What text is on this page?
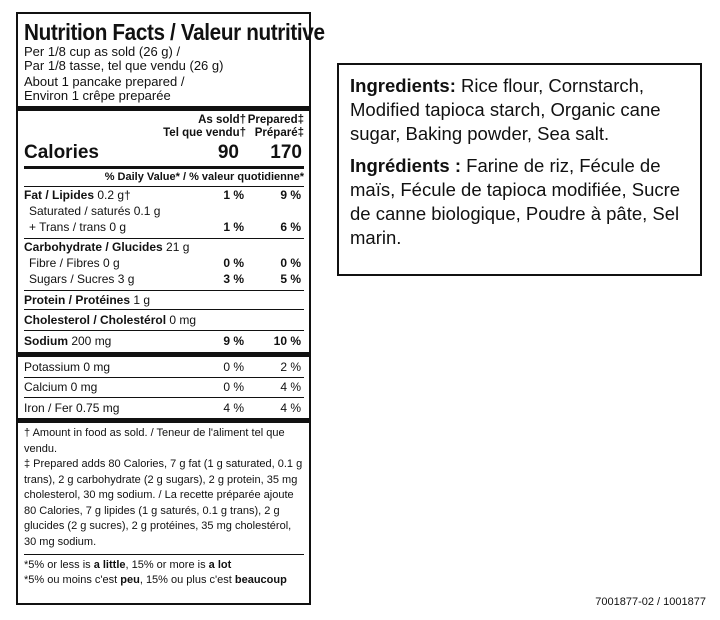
Nutrition Facts / Valeur nutritive
Per 1/8 cup as sold (26 g) /
Par 1/8 tasse, tel que vendu (26 g)
About 1 pancake prepared /
Environ 1 crêpe preparée
As sold†
Tel que vendu†
Prepared‡
Préparé‡
Calories	90 170
% Daily Value* / % valeur quotidienne*
Fat / Lipides 0.2 g†	1 %	9 %
Saturated / saturés 0.1 g
+ Trans / trans 0 g	1 %	6 %
Carbohydrate / Glucides 21 g
Fibre / Fibres 0 g	0 %	0 %
Sugars / Sucres 3 g	3 %	5 %
Protein / Protéines 1 g
Cholesterol / Cholestérol 0 mg
Sodium 200 mg	9 % 10 %
Potassium 0 mg	0 %	2 %
Calcium 0 mg	0 %	4 %
Iron / Fer 0.75 mg	4 %	4 %
† Amount in food as sold. / Teneur de l'aliment tel que vendu.
‡ Prepared adds 80 Calories, 7 g fat (1 g saturated, 0.1 g trans), 2 g carbohydrate (2 g sugars), 2 g protein, 35 mg cholesterol, 30 mg sodium. / La recette préparée ajoute 80 Calories, 7 g lipides (1 g saturés, 0.1 g trans), 2 g glucides (2 g sucres), 2 g protéines, 35 mg cholestérol, 30 mg sodium.
*5% or less is a little, 15% or more is a lot
*5% ou moins c'est peu, 15% ou plus c'est beaucoup

Ingredients: Rice flour, Cornstarch, Modified tapioca starch, Organic cane sugar, Baking powder, Sea salt.

Ingrédients : Farine de riz, Fécule de maïs, Fécule de tapioca modifiée, Sucre de canne biologique, Poudre à pâte, Sel marin.

7001877-02 / 1001877
